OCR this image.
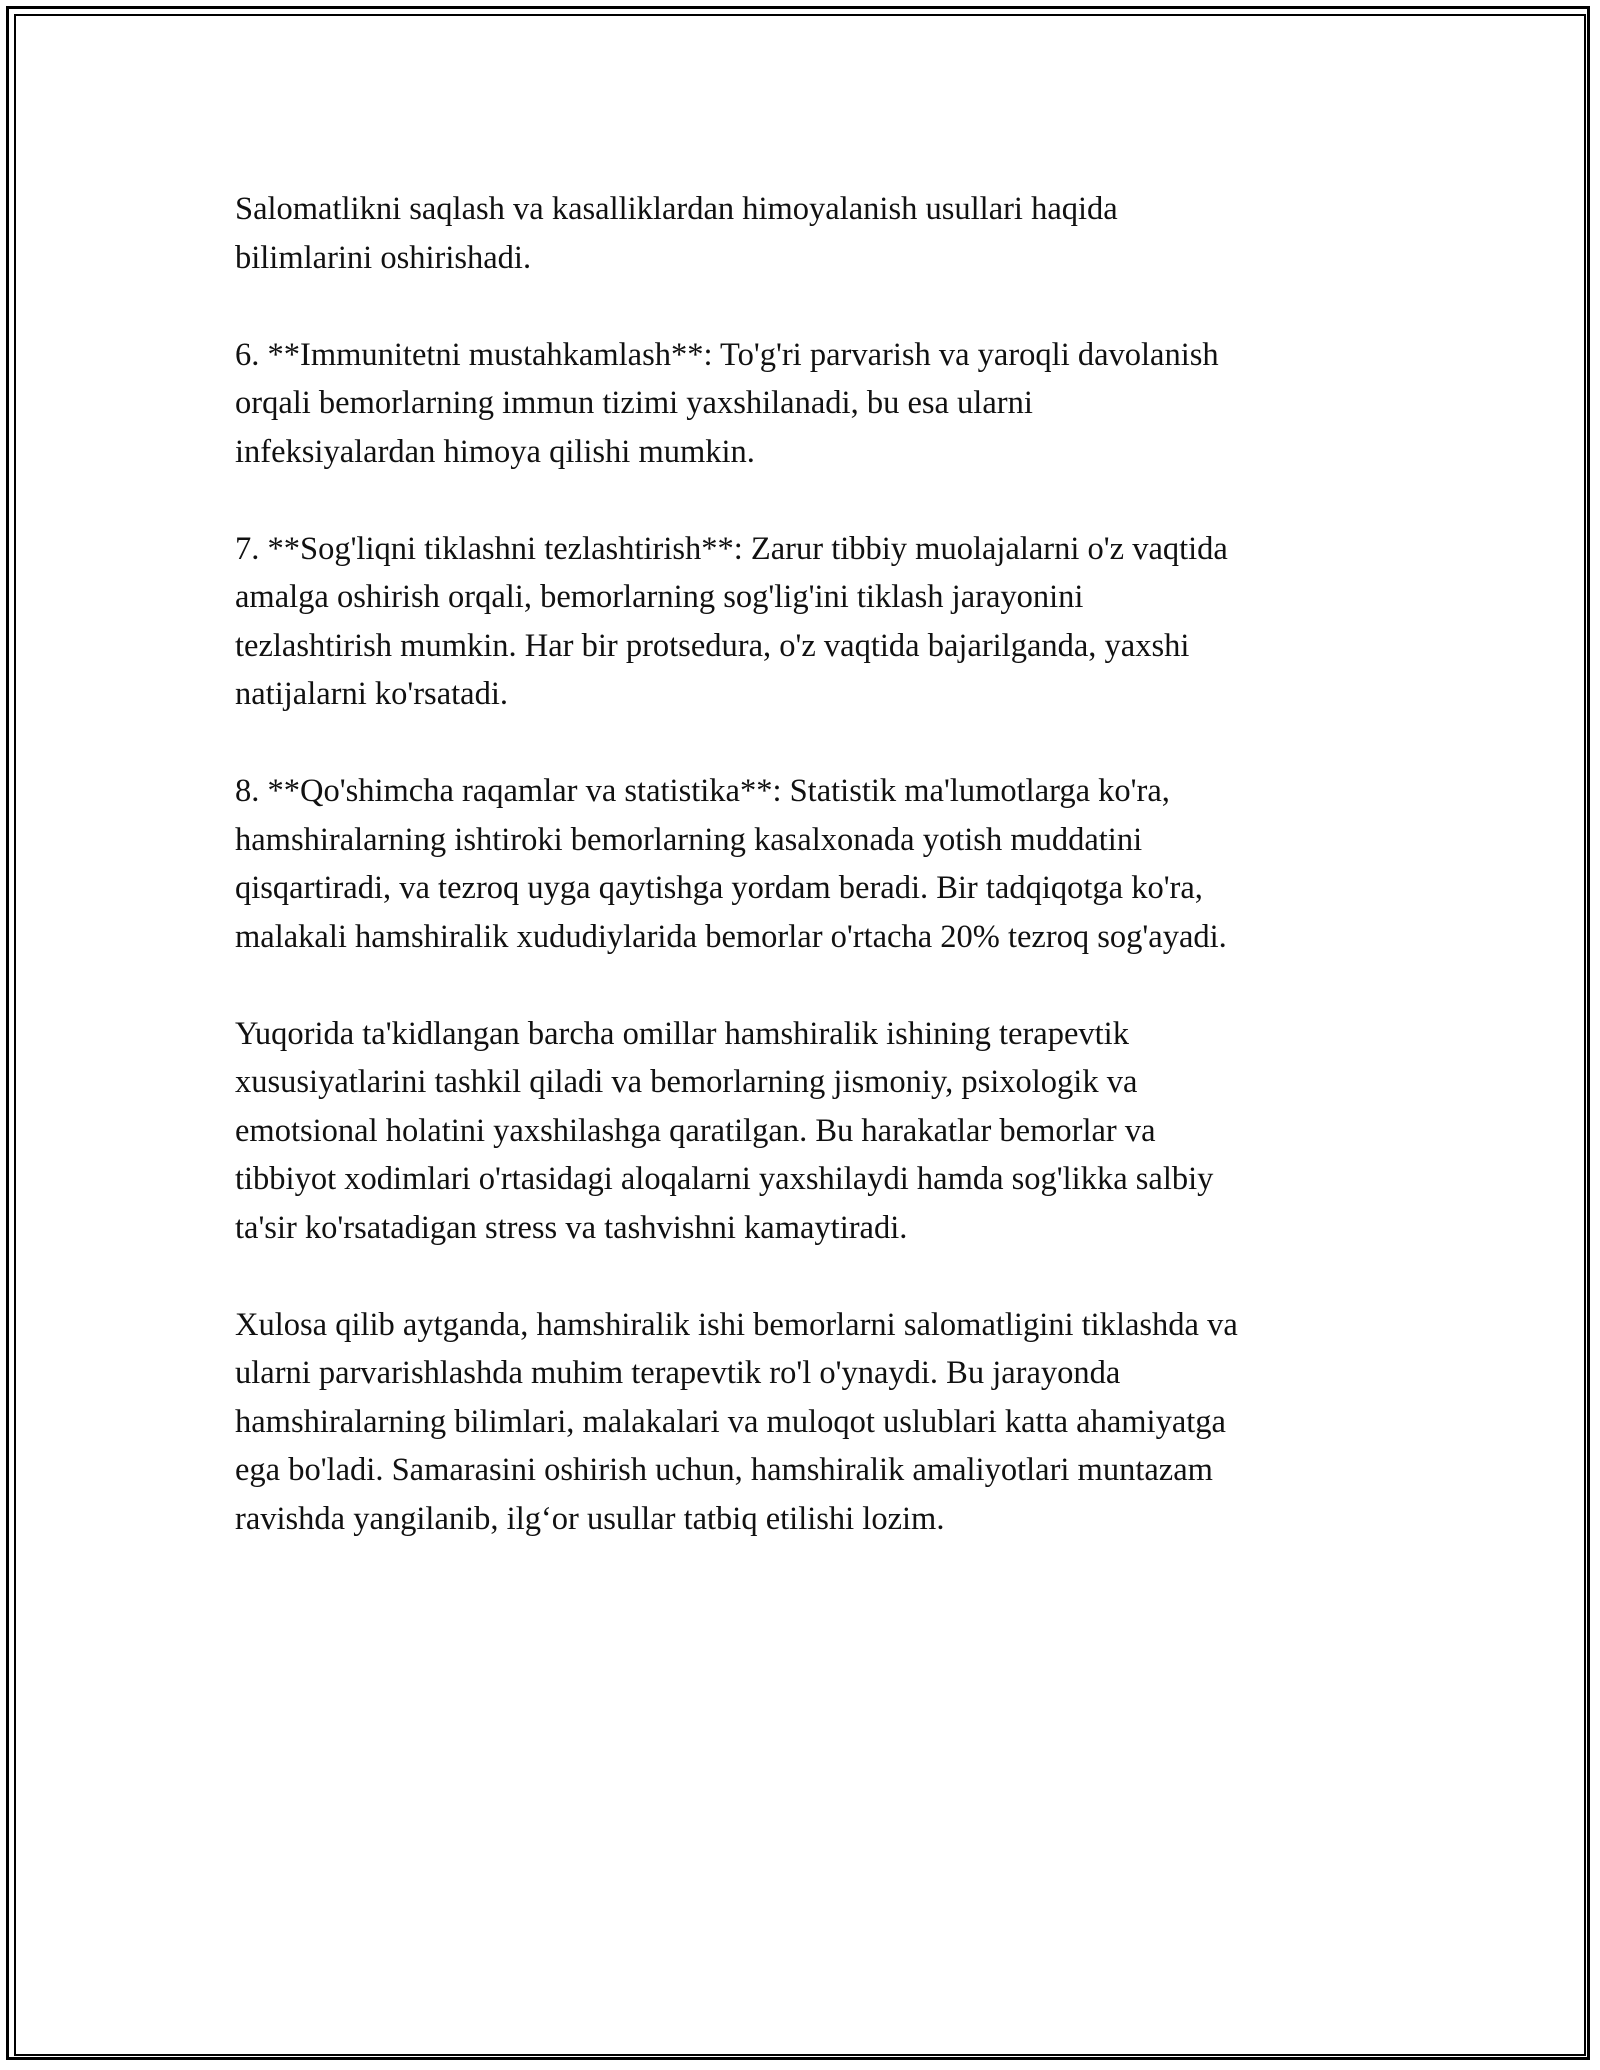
Salomatlikni saqlash va kasalliklardan himoyalanish usullari haqida
bilimlarini oshirishadi.

6. **Immunitetni mustahkamlash**: To'g'ri parvarish va yaroqli davolanish
orqali bemorlarning immun tizimi yaxshilanadi, bu esa ularni
infeksiyalardan himoya qilishi mumkin.

7. **Sog'liqni tiklashni tezlashtirish**: Zarur tibbiy muolajalarni o'z vaqtida
amalga oshirish orqali, bemorlarning sog'lig'ini tiklash jarayonini
tezlashtirish mumkin. Har bir protsedura, o'z vaqtida bajarilganda, yaxshi
natijalarni ko'rsatadi.

8. **Qo'shimcha raqamlar va statistika**: Statistik ma'lumotlarga ko'ra,
hamshiralarning ishtiroki bemorlarning kasalxonada yotish muddatini
qisqartiradi, va tezroq uyga qaytishga yordam beradi. Bir tadqiqotga ko'ra,
malakali hamshiralik xududiylarida bemorlar o'rtacha 20% tezroq sog'ayadi.

Yuqorida ta'kidlangan barcha omillar hamshiralik ishining terapevtik
xususiyatlarini tashkil qiladi va bemorlarning jismoniy, psixologik va
emotsional holatini yaxshilashga qaratilgan. Bu harakatlar bemorlar va
tibbiyot xodimlari o'rtasidagi aloqalarni yaxshilaydi hamda sog'likka salbiy
ta'sir ko'rsatadigan stress va tashvishni kamaytiradi.

Xulosa qilib aytganda, hamshiralik ishi bemorlarni salomatligini tiklashda va
ularni parvarishlashda muhim terapevtik ro'l o'ynaydi. Bu jarayonda
hamshiralarning bilimlari, malakalari va muloqot uslublari katta ahamiyatga
ega bo'ladi. Samarasini oshirish uchun, hamshiralik amaliyotlari muntazam
ravishda yangilanib, ilg‘or usullar tatbiq etilishi lozim.
